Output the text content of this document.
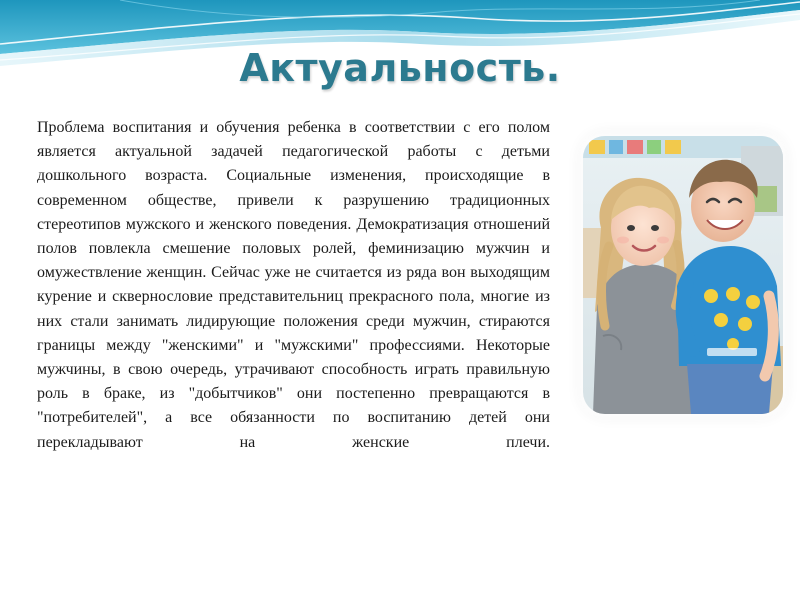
Актуальность.

Проблема воспитания и обучения ребенка в соответствии с его полом является актуальной задачей педагогической работы с детьми дошкольного возраста. Социальные изменения, происходящие в современном обществе, привели к разрушению традиционных стереотипов мужского и женского поведения. Демократизация отношений полов повлекла смешение половых ролей, феминизацию мужчин и омужествление женщин. Сейчас уже не считается из ряда вон выходящим курение и сквернословие представительниц прекрасного пола, многие из них стали занимать лидирующие положения среди мужчин, стираются границы между "женскими" и "мужскими" профессиями. Некоторые мужчины, в свою очередь, утрачивают способность играть правильную роль в браке, из "добытчиков" они постепенно превращаются в "потребителей", а все обязанности по воспитанию детей они перекладывают на женские плечи.
